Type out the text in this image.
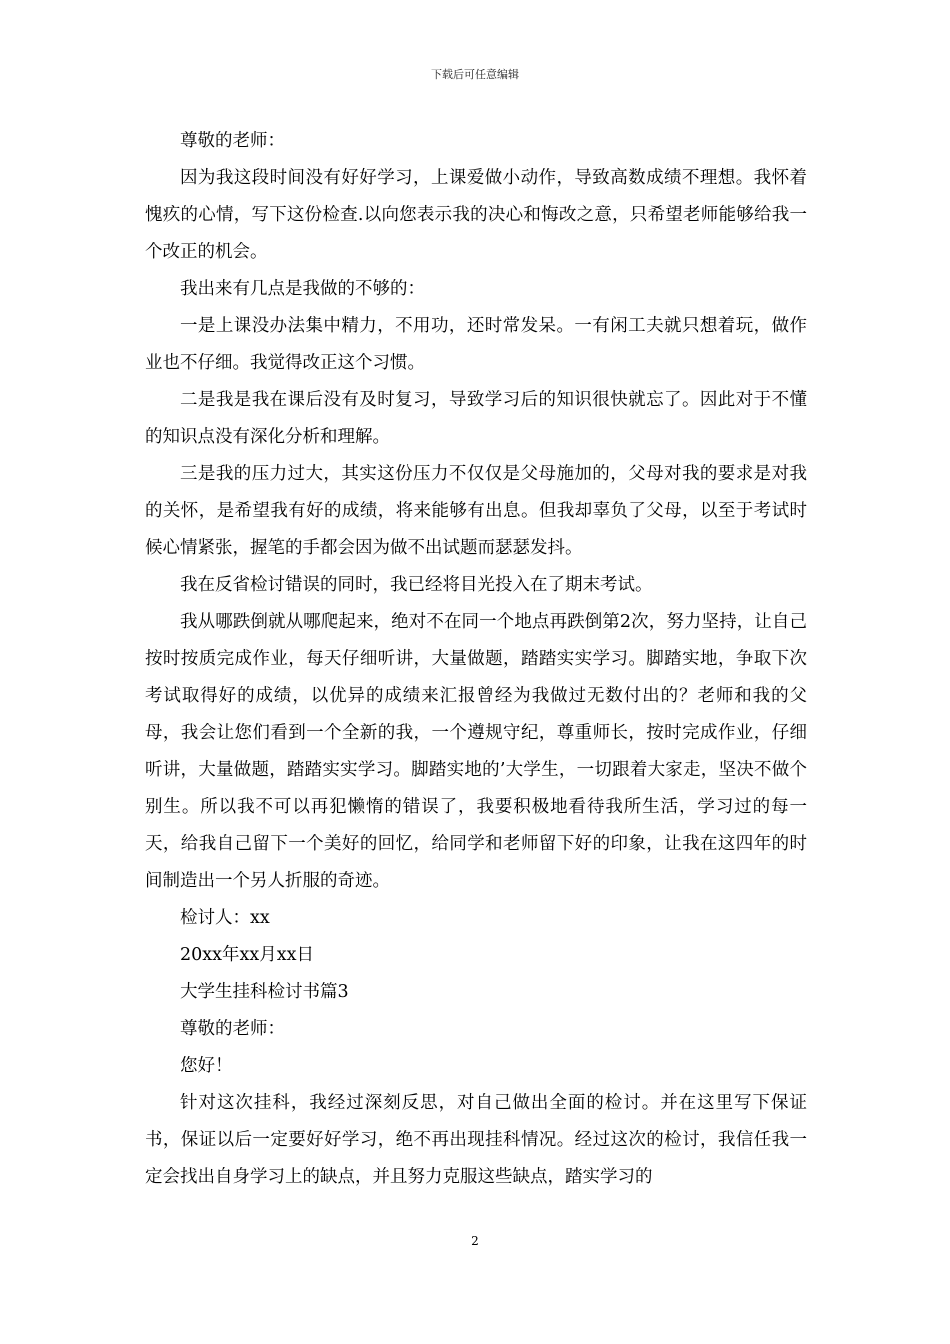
下载后可任意编辑

尊敬的老师：

因为我这段时间没有好好学习，上课爱做小动作，导致高数成绩不理想。我怀着愧疚的心情，写下这份检查.以向您表示我的决心和悔改之意，只希望老师能够给我一个改正的机会。

我出来有几点是我做的不够的：

一是上课没办法集中精力，不用功，还时常发呆。一有闲工夫就只想着玩，做作业也不仔细。我觉得改正这个习惯。

二是我是我在课后没有及时复习，导致学习后的知识很快就忘了。因此对于不懂的知识点没有深化分析和理解。

三是我的压力过大，其实这份压力不仅仅是父母施加的，父母对我的要求是对我的关怀，是希望我有好的成绩，将来能够有出息。但我却辜负了父母，以至于考试时候心情紧张，握笔的手都会因为做不出试题而瑟瑟发抖。

我在反省检讨错误的同时，我已经将目光投入在了期末考试。

我从哪跌倒就从哪爬起来，绝对不在同一个地点再跌倒第2次，努力坚持，让自己按时按质完成作业，每天仔细听讲，大量做题，踏踏实实学习。脚踏实地，争取下次考试取得好的成绩，以优异的成绩来汇报曾经为我做过无数付出的？老师和我的父母，我会让您们看到一个全新的我，一个遵规守纪，尊重师长，按时完成作业，仔细听讲，大量做题，踏踏实实学习。脚踏实地的’大学生，一切跟着大家走，坚决不做个别生。所以我不可以再犯懒惰的错误了，我要积极地看待我所生活，学习过的每一天，给我自己留下一个美好的回忆，给同学和老师留下好的印象，让我在这四年的时间制造出一个另人折服的奇迹。

检讨人：xx

20xx年xx月xx日

大学生挂科检讨书篇3

尊敬的老师：

您好！

针对这次挂科，我经过深刻反思，对自己做出全面的检讨。并在这里写下保证书，保证以后一定要好好学习，绝不再出现挂科情况。经过这次的检讨，我信任我一定会找出自身学习上的缺点，并且努力克服这些缺点，踏实学习的

2
